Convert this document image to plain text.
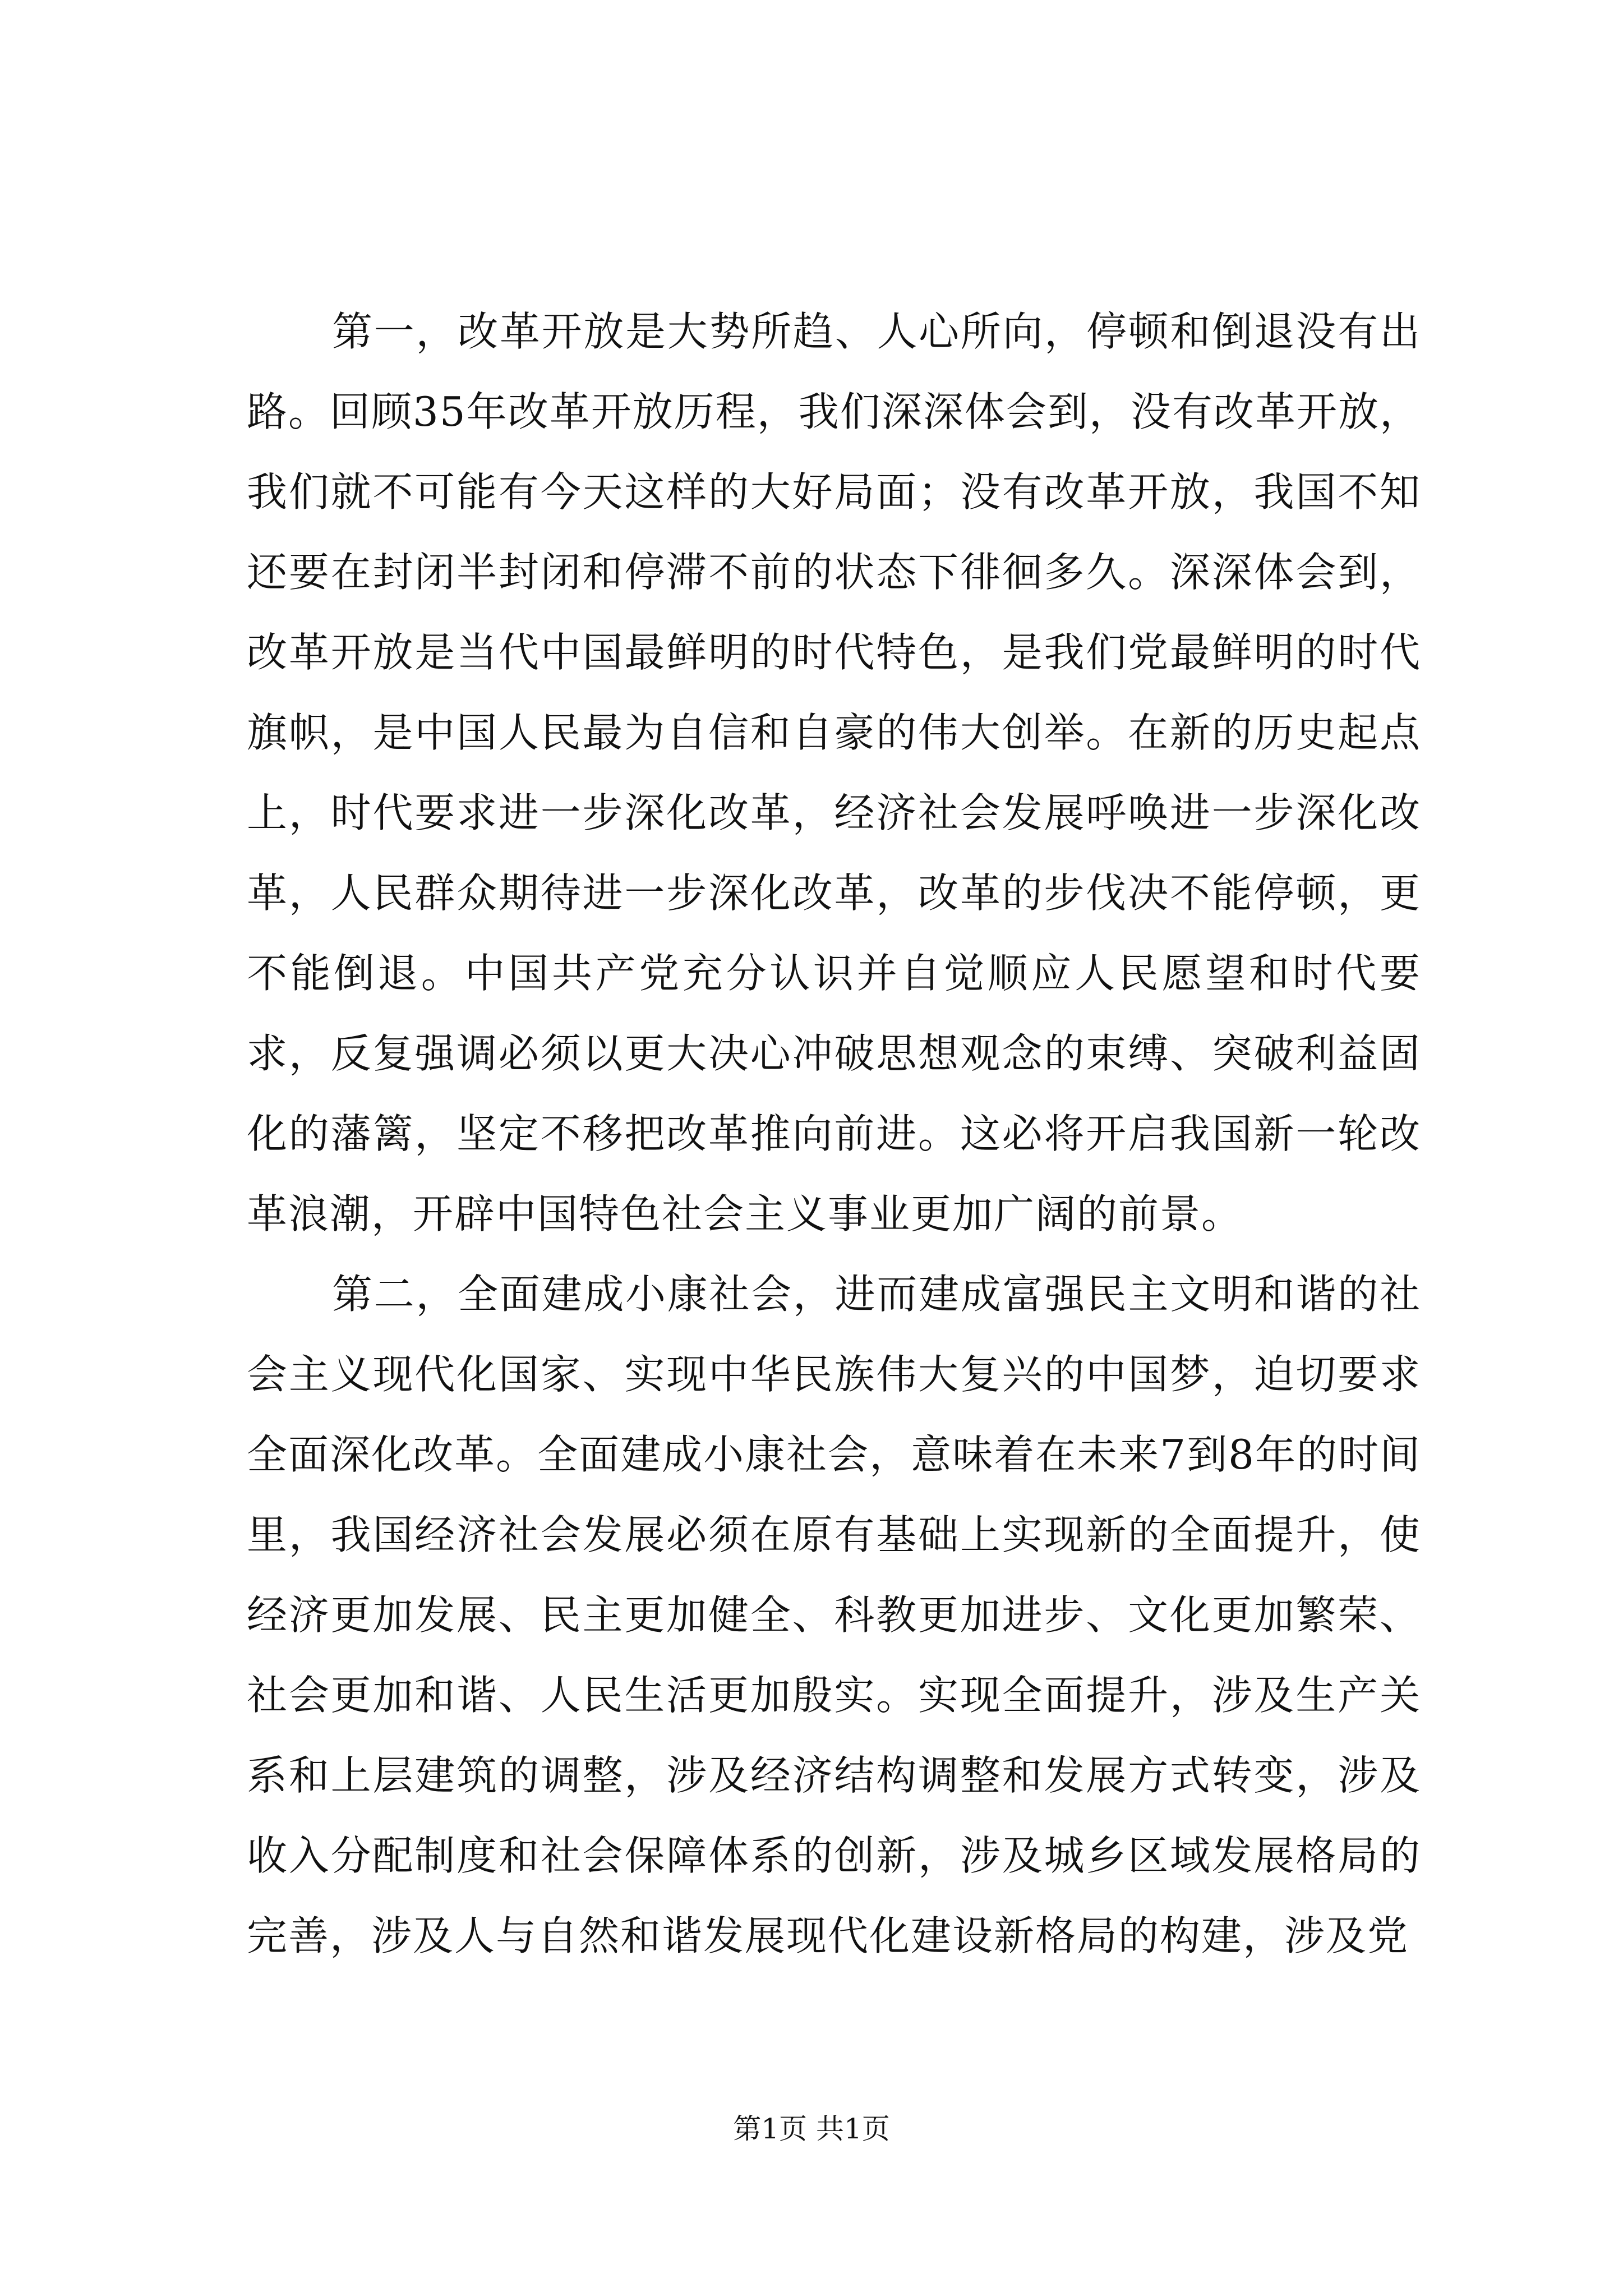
第一，改革开放是大势所趋、人心所向，停顿和倒退没有出路。回顾35年改革开放历程，我们深深体会到，没有改革开放，我们就不可能有今天这样的大好局面；没有改革开放，我国不知还要在封闭半封闭和停滞不前的状态下徘徊多久。深深体会到，改革开放是当代中国最鲜明的时代特色，是我们党最鲜明的时代旗帜，是中国人民最为自信和自豪的伟大创举。在新的历史起点上，时代要求进一步深化改革，经济社会发展呼唤进一步深化改革，人民群众期待进一步深化改革，改革的步伐决不能停顿，更不能倒退。中国共产党充分认识并自觉顺应人民愿望和时代要求，反复强调必须以更大决心冲破思想观念的束缚、突破利益固化的藩篱，坚定不移把改革推向前进。这必将开启我国新一轮改革浪潮，开辟中国特色社会主义事业更加广阔的前景。

第二，全面建成小康社会，进而建成富强民主文明和谐的社会主义现代化国家、实现中华民族伟大复兴的中国梦，迫切要求全面深化改革。全面建成小康社会，意味着在未来7到8年的时间里，我国经济社会发展必须在原有基础上实现新的全面提升，使经济更加发展、民主更加健全、科教更加进步、文化更加繁荣、社会更加和谐、人民生活更加殷实。实现全面提升，涉及生产关系和上层建筑的调整，涉及经济结构调整和发展方式转变，涉及收入分配制度和社会保障体系的创新，涉及城乡区域发展格局的完善，涉及人与自然和谐发展现代化建设新格局的构建，涉及党

第1页 共1页
